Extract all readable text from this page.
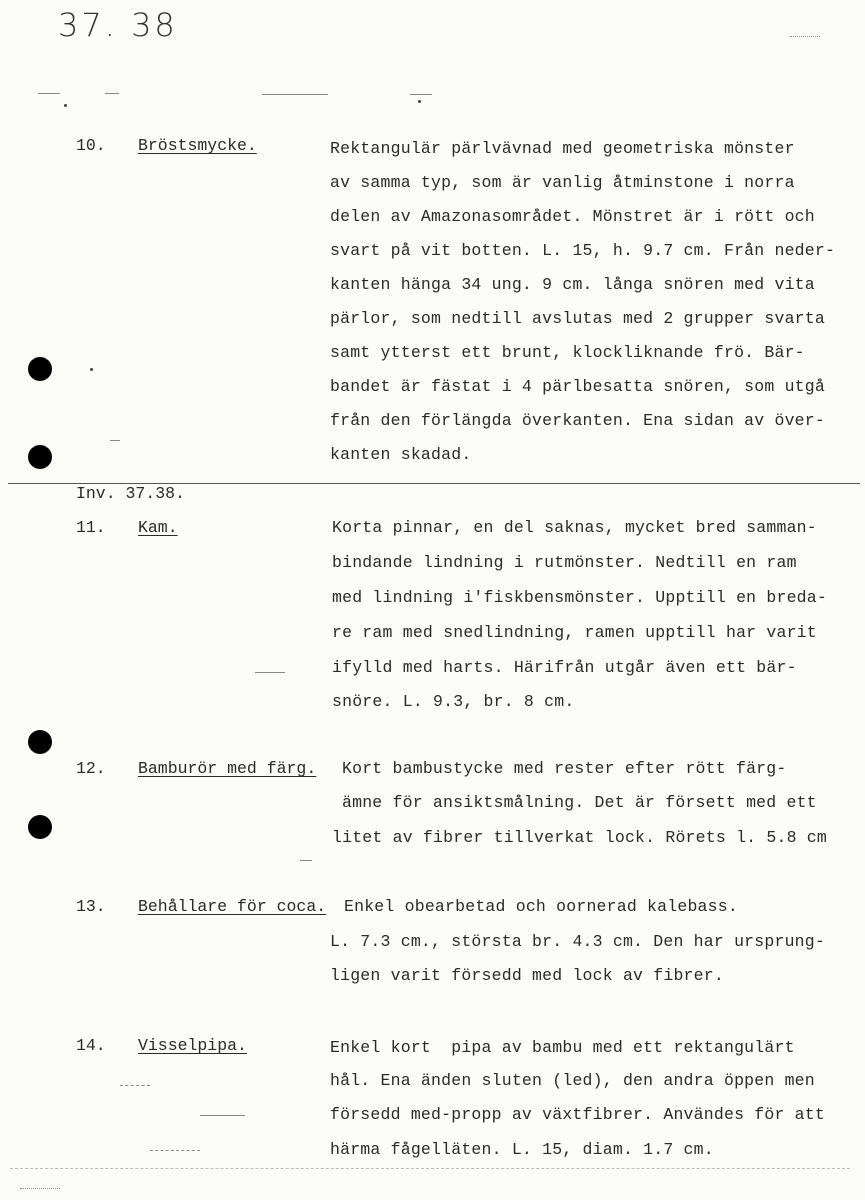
37. 38
10. Bröstsmycke.	Rektangulär pärlvävnad med geometriska mönster
av samma typ, som är vanlig åtminstone i norra
delen av Amazonasområdet. Mönstret är i rött och
svart på vit botten. L. 15, h. 9.7 cm. Från neder-
kanten hänga 34 ung. 9 cm. långa snören med vita
pärlor, som nedtill avslutas med 2 grupper svarta
samt ytterst ett brunt, klockliknande frö. Bär-
bandet är fästat i 4 pärlbesatta snören, som utgå
från den förlängda överkanten. Ena sidan av över-
kanten skadad.
Inv. 37.38.
11. Kam.	Korta pinnar, en del saknas, mycket bred samman-
bindande lindning i rutmönster. Nedtill en ram
med lindning i'fiskbensmönster. Upptill en breda-
re ram med snedlindning, ramen upptill har varit
ifylld med harts. Härifrån utgår även ett bär-
snöre. L. 9.3, br. 8 cm.
12. Bamburör med färg. Kort bambustycke med rester efter rött färg-
ämne för ansiktsmålning. Det är försett med ett
litet av fibrer tillverkat lock. Rörets l. 5.8 cm
13. Behållare för coca. Enkel obearbetad och oornerad kalebass.
L. 7.3 cm., största br. 4.3 cm. Den har ursprung-
ligen varit försedd med lock av fibrer.
14. Visselpipa.	Enkel kort  pipa av bambu med ett rektangulärt
hål. Ena änden sluten (led), den andra öppen men
försedd med-propp av växtfibrer. Användes för att
härma fågelläten. L. 15, diam. 1.7 cm.
